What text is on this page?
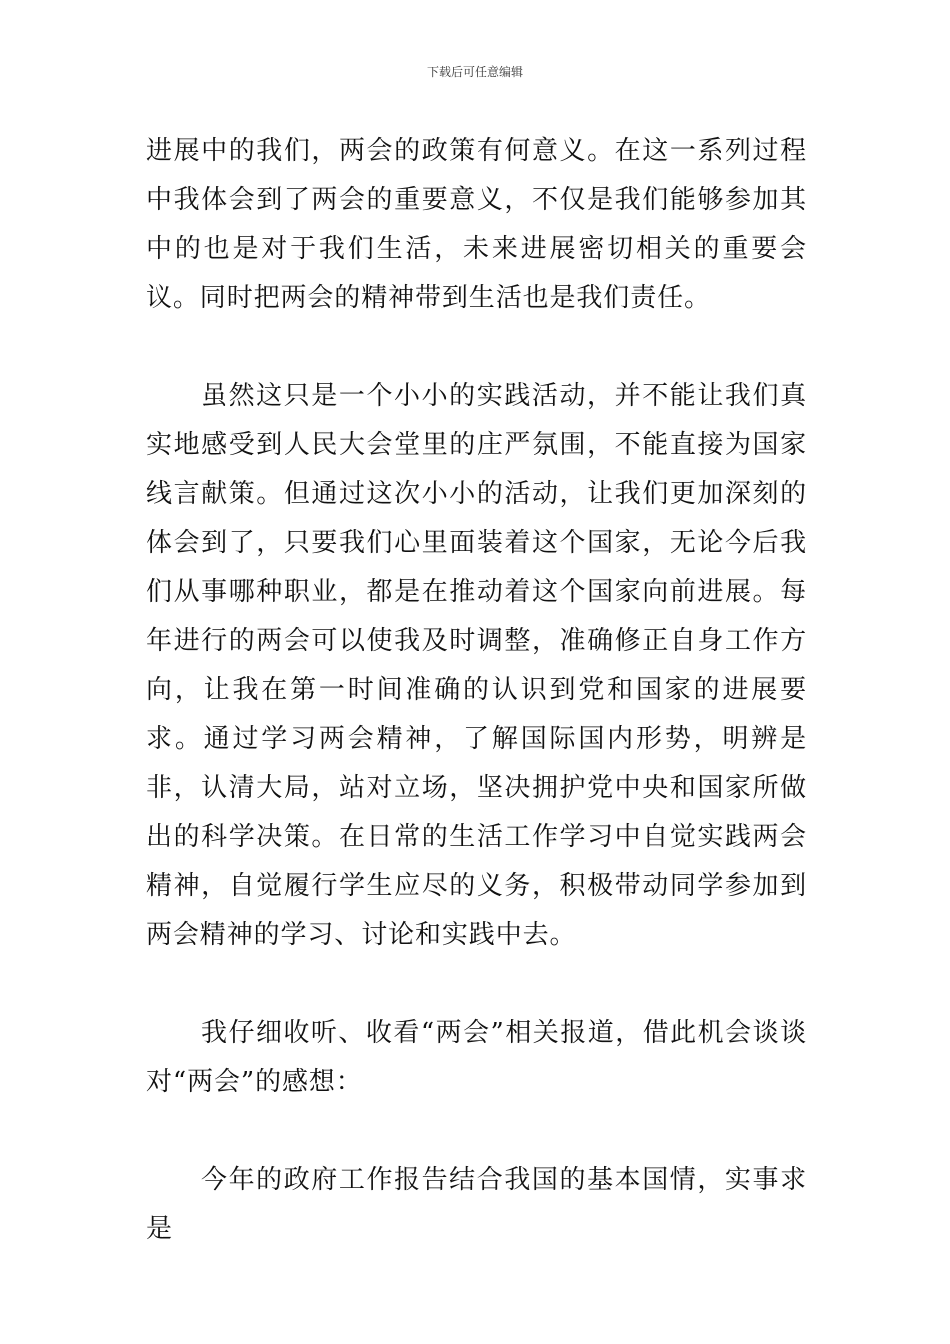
下载后可任意编辑

进展中的我们，两会的政策有何意义。在这一系列过程中我体会到了两会的重要意义，不仅是我们能够参加其中的也是对于我们生活，未来进展密切相关的重要会议。同时把两会的精神带到生活也是我们责任。

虽然这只是一个小小的实践活动，并不能让我们真实地感受到人民大会堂里的庄严氛围，不能直接为国家线言献策。但通过这次小小的活动，让我们更加深刻的体会到了，只要我们心里面装着这个国家，无论今后我们从事哪种职业，都是在推动着这个国家向前进展。每年进行的两会可以使我及时调整，准确修正自身工作方向，让我在第一时间准确的认识到党和国家的进展要求。通过学习两会精神，了解国际国内形势，明辨是非，认清大局，站对立场，坚决拥护党中央和国家所做出的科学决策。在日常的生活工作学习中自觉实践两会精神，自觉履行学生应尽的义务，积极带动同学参加到两会精神的学习、讨论和实践中去。

我仔细收听、收看“两会”相关报道，借此机会谈谈对“两会”的感想：

今年的政府工作报告结合我国的基本国情，实事求是
